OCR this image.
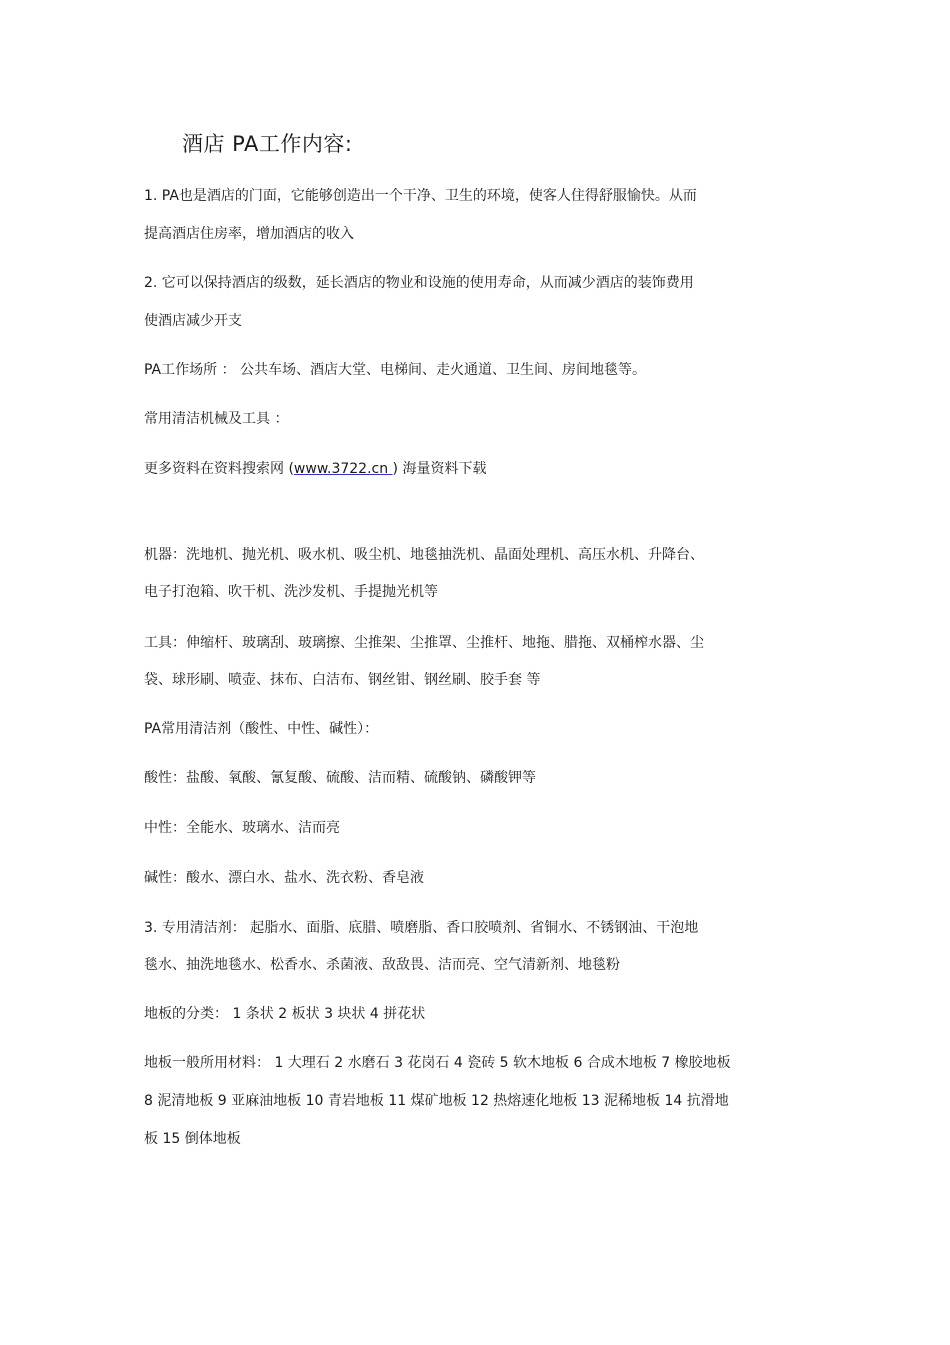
酒店 PA工作内容:
1. PA也是酒店的门面，它能够创造出一个干净、卫生的环境，使客人住得舒服愉快。从而
提高酒店住房率，增加酒店的收入
2. 它可以保持酒店的级数，延长酒店的物业和设施的使用寿命，从而减少酒店的装饰费用
使酒店减少开支
PA工作场所 ： 公共车场、酒店大堂、电梯间、走火通道、卫生间、房间地毯等。
常用清洁机械及工具 ：
更多资料在资料搜索网 (www.3722.cn ) 海量资料下载
机器：洗地机、抛光机、吸水机、吸尘机、地毯抽洗机、晶面处理机、高压水机、升降台、
电子打泡箱、吹干机、洗沙发机、手提抛光机等
工具：伸缩杆、玻璃刮、玻璃擦、尘推架、尘推罩、尘推杆、地拖、腊拖、双桶榨水器、尘
袋、球形刷、喷壶、抹布、白洁布、钢丝钳、钢丝刷、胶手套 等
PA常用清洁剂（酸性、中性、碱性）：
酸性：盐酸、氧酸、氰复酸、硫酸、洁而精、硫酸钠、磷酸钾等
中性：全能水、玻璃水、洁而亮
碱性：酸水、漂白水、盐水、洗衣粉、香皂液
3. 专用清洁剂： 起脂水、面脂、底腊、喷磨脂、香口胶喷剂、省铜水、不锈钢油、干泡地
毯水、抽洗地毯水、松香水、杀菌液、敌敌畏、洁而亮、空气清新剂、地毯粉
地板的分类： 1 条状 2 板状 3 块状 4 拼花状
地板一般所用材料： 1 大理石 2 水磨石 3 花岗石 4 瓷砖 5 软木地板 6 合成木地板 7 橡胶地板
8 泥清地板 9 亚麻油地板 10 青岩地板 11 煤矿地板 12 热熔速化地板 13 泥稀地板 14 抗滑地
板 15 倒体地板
